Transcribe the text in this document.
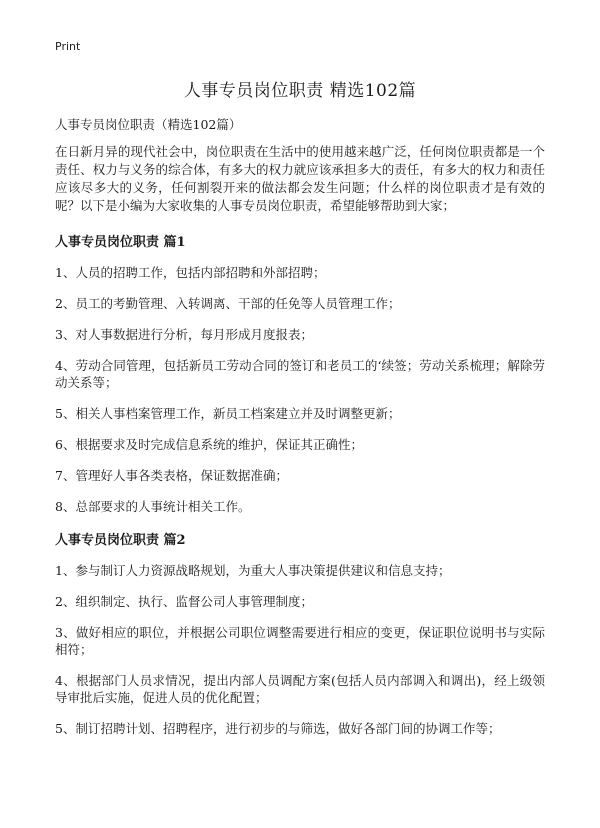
Print
人事专员岗位职责 精选102篇
人事专员岗位职责（精选102篇）
在日新月异的现代社会中，岗位职责在生活中的使用越来越广泛，任何岗位职责都是一个责任、权力与义务的综合体，有多大的权力就应该承担多大的责任，有多大的权力和责任应该尽多大的义务，任何割裂开来的做法都会发生问题；什么样的岗位职责才是有效的呢？以下是小编为大家收集的人事专员岗位职责，希望能够帮助到大家；
人事专员岗位职责 篇1
1、人员的招聘工作，包括内部招聘和外部招聘；
2、员工的考勤管理、入转调离、干部的任免等人员管理工作；
3、对人事数据进行分析，每月形成月度报表；
4、劳动合同管理，包括新员工劳动合同的签订和老员工的‘续签；劳动关系梳理；解除劳动关系等；
5、相关人事档案管理工作，新员工档案建立并及时调整更新；
6、根据要求及时完成信息系统的维护，保证其正确性；
7、管理好人事各类表格，保证数据准确；
8、总部要求的人事统计相关工作。
人事专员岗位职责 篇2
1、参与制订人力资源战略规划，为重大人事决策提供建议和信息支持；
2、组织制定、执行、监督公司人事管理制度；
3、做好相应的职位，并根据公司职位调整需要进行相应的变更，保证职位说明书与实际相符；
4、根据部门人员求情况，提出内部人员调配方案(包括人员内部调入和调出)，经上级领导审批后实施，促进人员的优化配置；
5、制订招聘计划、招聘程序，进行初步的与筛选，做好各部门间的协调工作等；
